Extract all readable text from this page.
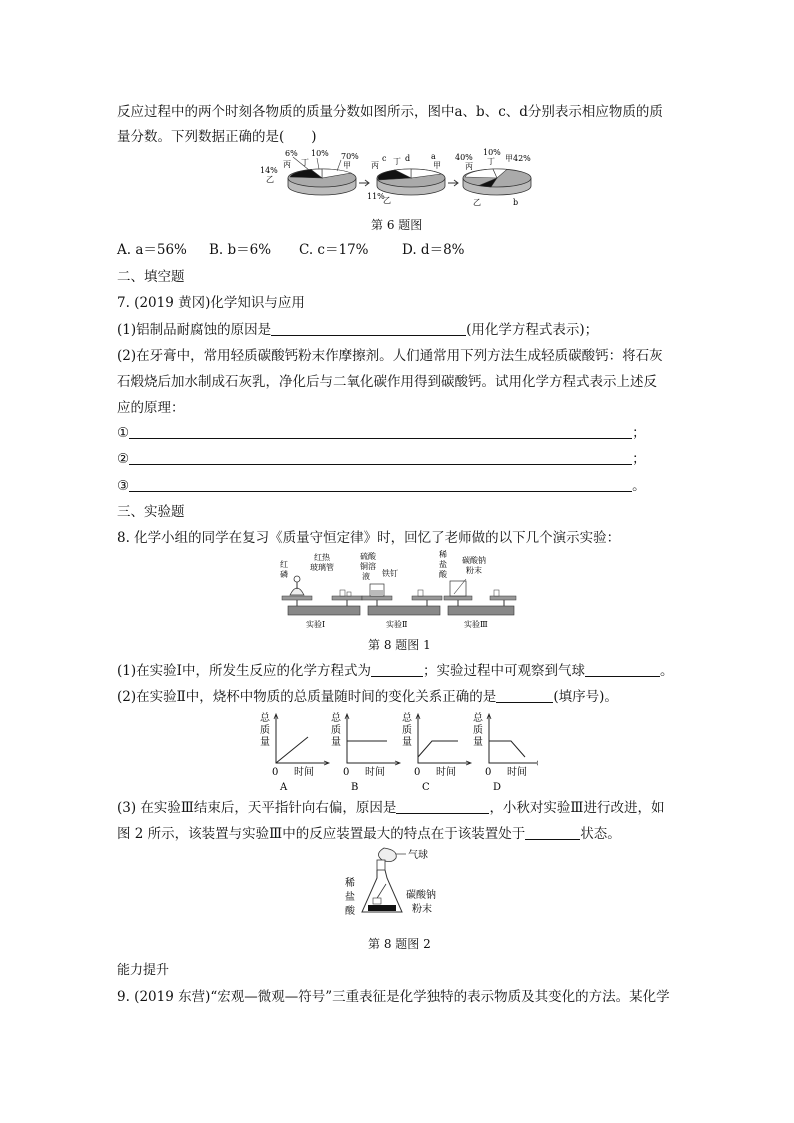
反应过程中的两个时刻各物质的质量分数如图所示，图中a、b、c、d分别表示相应物质的质
量分数。下列数据正确的是(　　)
6% 10% 70%
丙 丁	甲
14%
乙
c d	a
丙 丁	甲
11%
乙
40%
10%
甲42%
丙
丁
乙	b
第 6 题图
A. a＝56% B. b＝6% C. c＝17% D. d＝8%
二、填空题
7. (2019 黄冈)化学知识与应用
(1)铝制品耐腐蚀的原因是	(用化学方程式表示)；
(2)在牙膏中，常用轻质碳酸钙粉末作摩擦剂。人们通常用下列方法生成轻质碳酸钙：将石灰
石煅烧后加水制成石灰乳，净化后与二氧化碳作用得到碳酸钙。试用化学方程式表示上述反
应的原理：
①	；
②	；
③	。
三、实验题
8. 化学小组的同学在复习《质量守恒定律》时，回忆了老师做的以下几个演示实验：
红
磷
红热
玻璃管
实验Ⅰ
硫酸
铜溶
液 铁钉
实验Ⅱ
稀
盐
酸
碳酸钠
粉末
实验Ⅲ
第 8 题图 1
(1)在实验Ⅰ中，所发生反应的化学方程式为	；实验过程中可观察到气球	。
(2)在实验Ⅱ中，烧杯中物质的总质量随时间的变化关系正确的是	(填序号)。
总
质
量
0 时间
A
总
质
量
0 时间
B
总
质
量
0 时间
C
总
质
量
0 时间
D
(3) 在实验Ⅲ结束后，天平指针向右偏，原因是	，小秋对实验Ⅲ进行改进，如
图 2 所示，该装置与实验Ⅲ中的反应装置最大的特点在于该装置处于	状态。
气球
稀
盐
酸
碳酸钠
粉末
第 8 题图 2
能力提升
9. (2019 东营)“宏观—微观—符号”三重表征是化学独特的表示物质及其变化的方法。某化学
